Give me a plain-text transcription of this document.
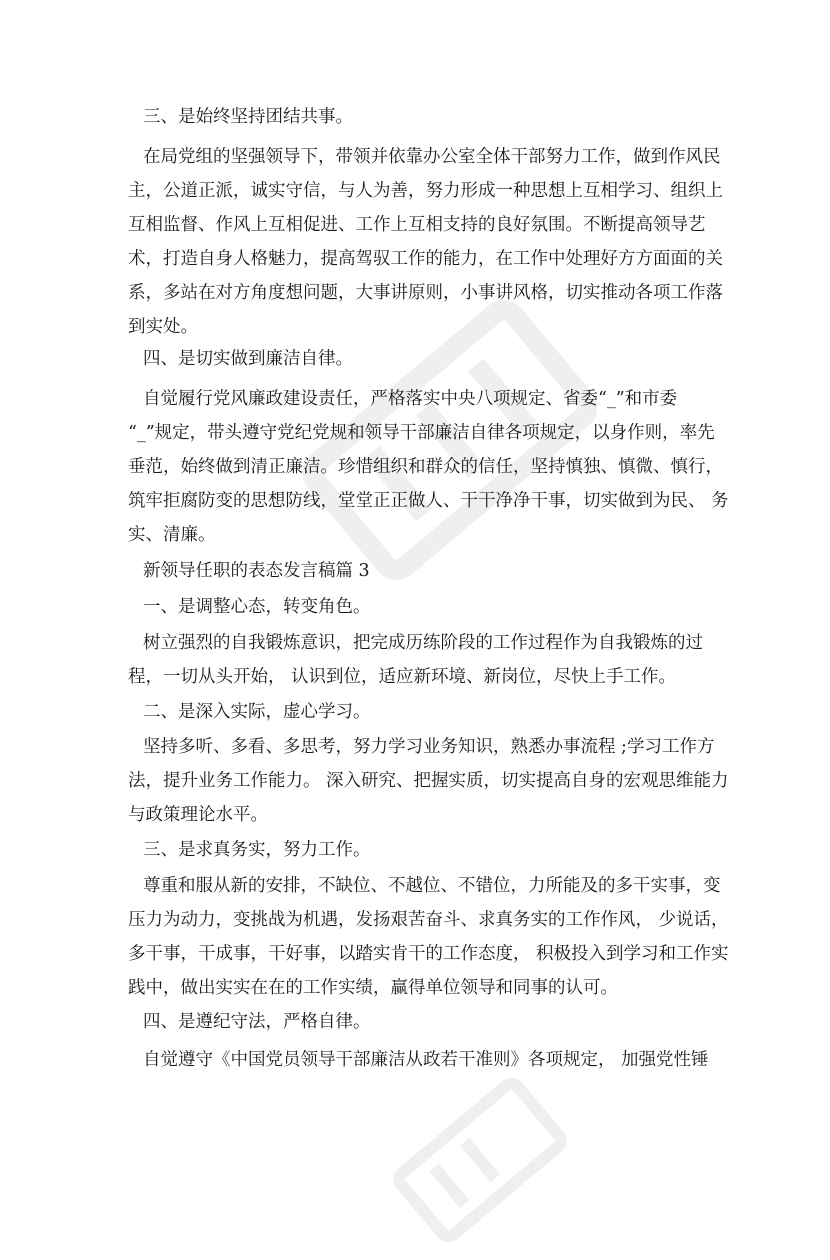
三、是始终坚持团结共事。
在局党组的坚强领导下，带领并依靠办公室全体干部努力工作，做到作风民
主，公道正派，诚实守信，与人为善，努力形成一种思想上互相学习、组织上
互相监督、作风上互相促进、工作上互相支持的良好氛围。不断提高领导艺
术，打造自身人格魅力，提高驾驭工作的能力，在工作中处理好方方面面的关
系，多站在对方角度想问题，大事讲原则，小事讲风格，切实推动各项工作落
到实处。
四、是切实做到廉洁自律。
自觉履行党风廉政建设责任，严格落实中央八项规定、省委“_”和市委
“_”规定，带头遵守党纪党规和领导干部廉洁自律各项规定，以身作则，率先
垂范，始终做到清正廉洁。珍惜组织和群众的信任，坚持慎独、慎微、慎行，
筑牢拒腐防变的思想防线，堂堂正正做人、干干净净干事，切实做到为民、 务
实、清廉。
新领导任职的表态发言稿篇 3
一、是调整心态，转变角色。
树立强烈的自我锻炼意识，把完成历练阶段的工作过程作为自我锻炼的过
程，一切从头开始， 认识到位，适应新环境、新岗位，尽快上手工作。
二、是深入实际，虚心学习。
坚持多听、多看、多思考，努力学习业务知识，熟悉办事流程 ;学习工作方
法，提升业务工作能力。 深入研究、把握实质，切实提高自身的宏观思维能力
与政策理论水平。
三、是求真务实，努力工作。
尊重和服从新的安排，不缺位、不越位、不错位，力所能及的多干实事，变
压力为动力，变挑战为机遇，发扬艰苦奋斗、求真务实的工作作风， 少说话，
多干事，干成事，干好事，以踏实肯干的工作态度， 积极投入到学习和工作实
践中，做出实实在在的工作实绩，赢得单位领导和同事的认可。
四、是遵纪守法，严格自律。
自觉遵守《中国党员领导干部廉洁从政若干准则》各项规定， 加强党性锤
